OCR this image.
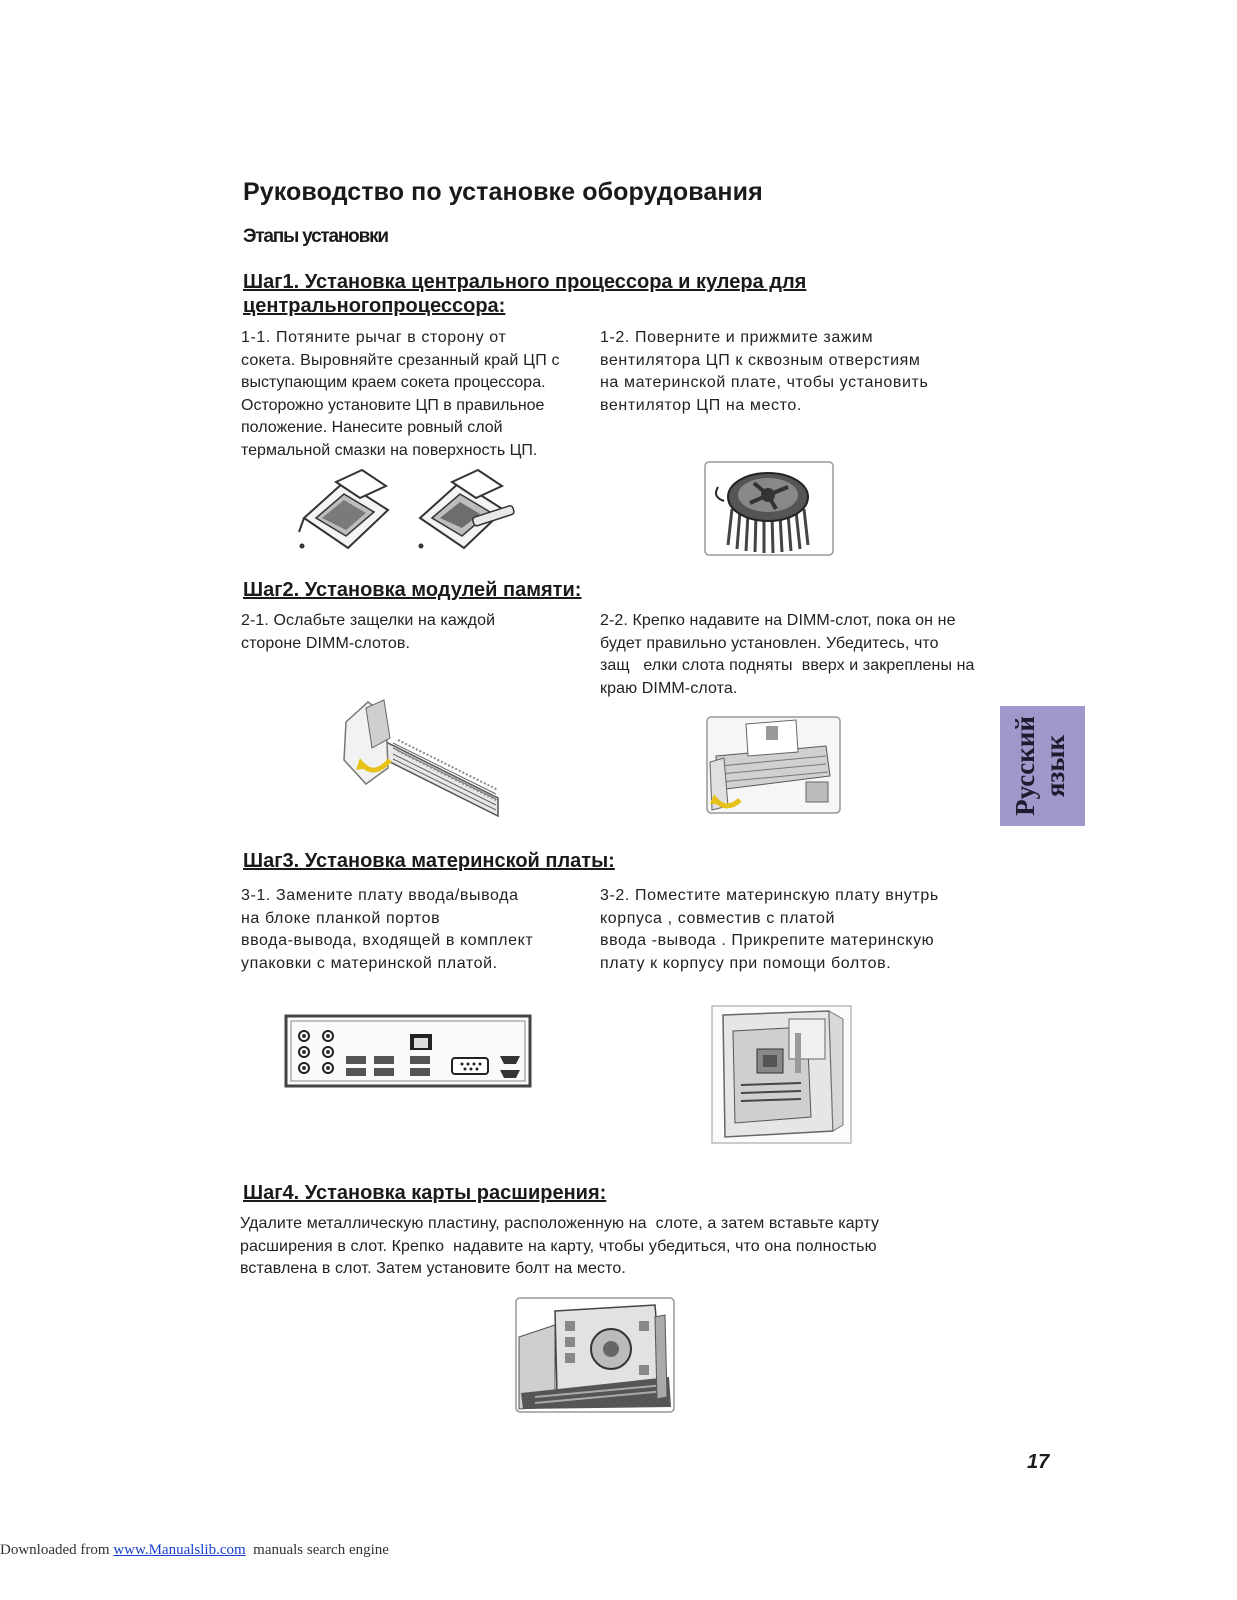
Руководство по установке оборудования
Этапы установки
Шаг1. Установка центрального процессора и кулера для
центральногопроцессора:
1-1. Потяните рычаг в сторону от
сокета. Выровняйте срезанный край ЦП с
выступающим краем сокета процессора.
Осторожно установите ЦП в правильное
положение. Нанесите ровный слой
термальной смазки на поверхность ЦП.
1-2. Поверните и прижмите зажим
вентилятора ЦП к сквозным отверстиям
на материнской плате, чтобы установить
вентилятор ЦП на место.
Шаг2. Установка модулей памяти:
2-1. Ослабьте защелки на каждой
стороне DIMM-слотов.
2-2. Крепко надавите на DIMM-слот, пока он не
будет правильно установлен. Убедитесь, что
защ   елки слота подняты  вверх и закреплены на
краю DIMM-слота.
Русский язык
Шаг3. Установка материнской платы:
3-1. Замените плату ввода/вывода
на блоке планкой портов
ввода-вывода, входящей в комплект
упаковки с материнской платой.
3-2. Поместите материнскую плату внутрь
корпуса , совместив с платой
ввода -вывода . Прикрепите материнскую
плату к корпусу при помощи болтов.
Шаг4. Установка карты расширения:
Удалите металлическую пластину, расположенную на  слоте, а затем вставьте карту
расширения в слот. Крепко  надавите на карту, чтобы убедиться, что она полностью
вставлена в слот. Затем установите болт на место.
17
Downloaded from www.Manualslib.com  manuals search engine
